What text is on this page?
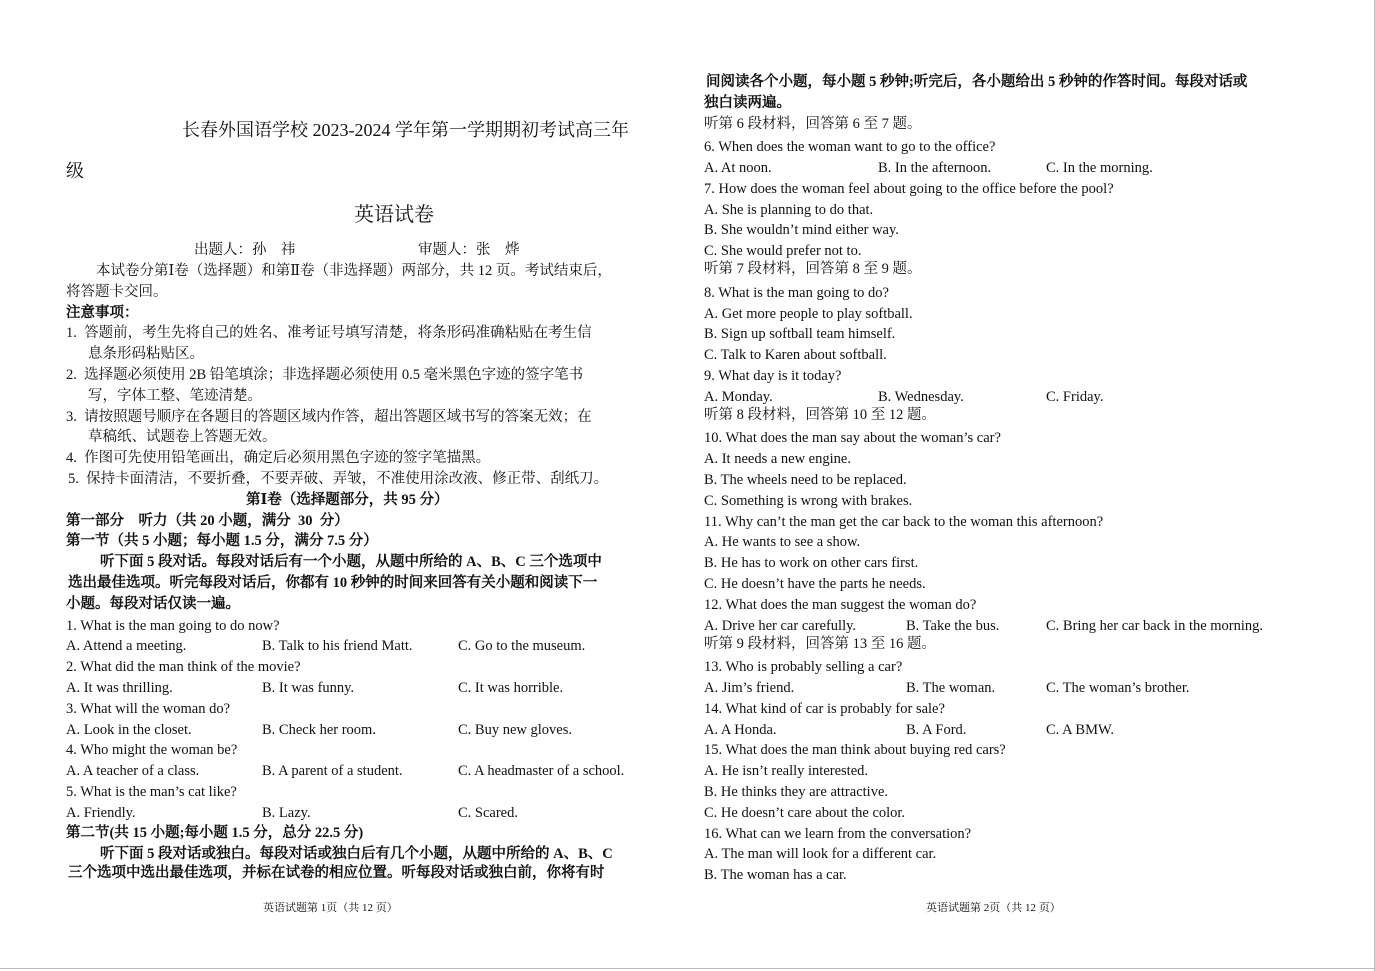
长春外国语学校 2023-2024 学年第一学期期初考试高三年
级
英语试卷
出题人：孙　祎	审题人：张　烨
本试卷分第Ⅰ卷（选择题）和第Ⅱ卷（非选择题）两部分，共 12 页。考试结束后，
将答题卡交回。
注意事项：
1.  答题前，考生先将自己的姓名、准考证号填写清楚，将条形码准确粘贴在考生信
息条形码粘贴区。
2.  选择题必须使用 2B 铅笔填涂；非选择题必须使用 0.5 毫米黑色字迹的签字笔书
写，字体工整、笔迹清楚。
3.  请按照题号顺序在各题目的答题区域内作答，超出答题区域书写的答案无效；在
草稿纸、试题卷上答题无效。
4.  作图可先使用铅笔画出，确定后必须用黑色字迹的签字笔描黑。
5.  保持卡面清洁，不要折叠，不要弄破、弄皱，不准使用涂改液、修正带、刮纸刀。
第Ⅰ卷（选择题部分，共 95 分）
第一部分　听力（共 20 小题，满分  30  分）
第一节（共 5 小题；每小题 1.5 分，满分 7.5 分）
听下面 5 段对话。每段对话后有一个小题，从题中所给的 A、B、C 三个选项中
选出最佳选项。听完每段对话后，你都有 10 秒钟的时间来回答有关小题和阅读下一
小题。每段对话仅读一遍。
1. What is the man going to do now?
A. Attend a meeting.	B. Talk to his friend Matt.	C. Go to the museum.
2. What did the man think of the movie?
A. It was thrilling.	B. It was funny.	C. It was horrible.
3. What will the woman do?
A. Look in the closet.	B. Check her room.	C. Buy new gloves.
4. Who might the woman be?
A. A teacher of a class.	B. A parent of a student.	C. A headmaster of a school.
5. What is the man’s cat like?
A. Friendly.	B. Lazy.	C. Scared.
第二节(共 15 小题;每小题 1.5 分，总分 22.5 分)
听下面 5 段对话或独白。每段对话或独白后有几个小题，从题中所给的 A、B、C
三个选项中选出最佳选项，并标在试卷的相应位置。听每段对话或独白前，你将有时
英语试题第 1页（共 12 页）
间阅读各个小题，每小题 5 秒钟;听完后，各小题给出 5 秒钟的作答时间。每段对话或
独白读两遍。
听第 6 段材料，回答第 6 至 7 题。
6. When does the woman want to go to the office?
A. At noon.	B. In the afternoon.	C. In the morning.
7. How does the woman feel about going to the office before the pool?
A. She is planning to do that.
B. She wouldn’t mind either way.
C. She would prefer not to.
听第 7 段材料，回答第 8 至 9 题。
8. What is the man going to do?
A. Get more people to play softball.
B. Sign up softball team himself.
C. Talk to Karen about softball.
9. What day is it today?
A. Monday.	B. Wednesday.	C. Friday.
听第 8 段材料，回答第 10 至 12 题。
10. What does the man say about the woman’s car?
A. It needs a new engine.
B. The wheels need to be replaced.
C. Something is wrong with brakes.
11. Why can’t the man get the car back to the woman this afternoon?
A. He wants to see a show.
B. He has to work on other cars first.
C. He doesn’t have the parts he needs.
12. What does the man suggest the woman do?
A. Drive her car carefully.	B. Take the bus.	C. Bring her car back in the morning.
听第 9 段材料，回答第 13 至 16 题。
13. Who is probably selling a car?
A. Jim’s friend.	B. The woman.	C. The woman’s brother.
14. What kind of car is probably for sale?
A. A Honda.	B. A Ford.	C. A BMW.
15. What does the man think about buying red cars?
A. He isn’t really interested.
B. He thinks they are attractive.
C. He doesn’t care about the color.
16. What can we learn from the conversation?
A. The man will look for a different car.
B. The woman has a car.
英语试题第 2页（共 12 页）
